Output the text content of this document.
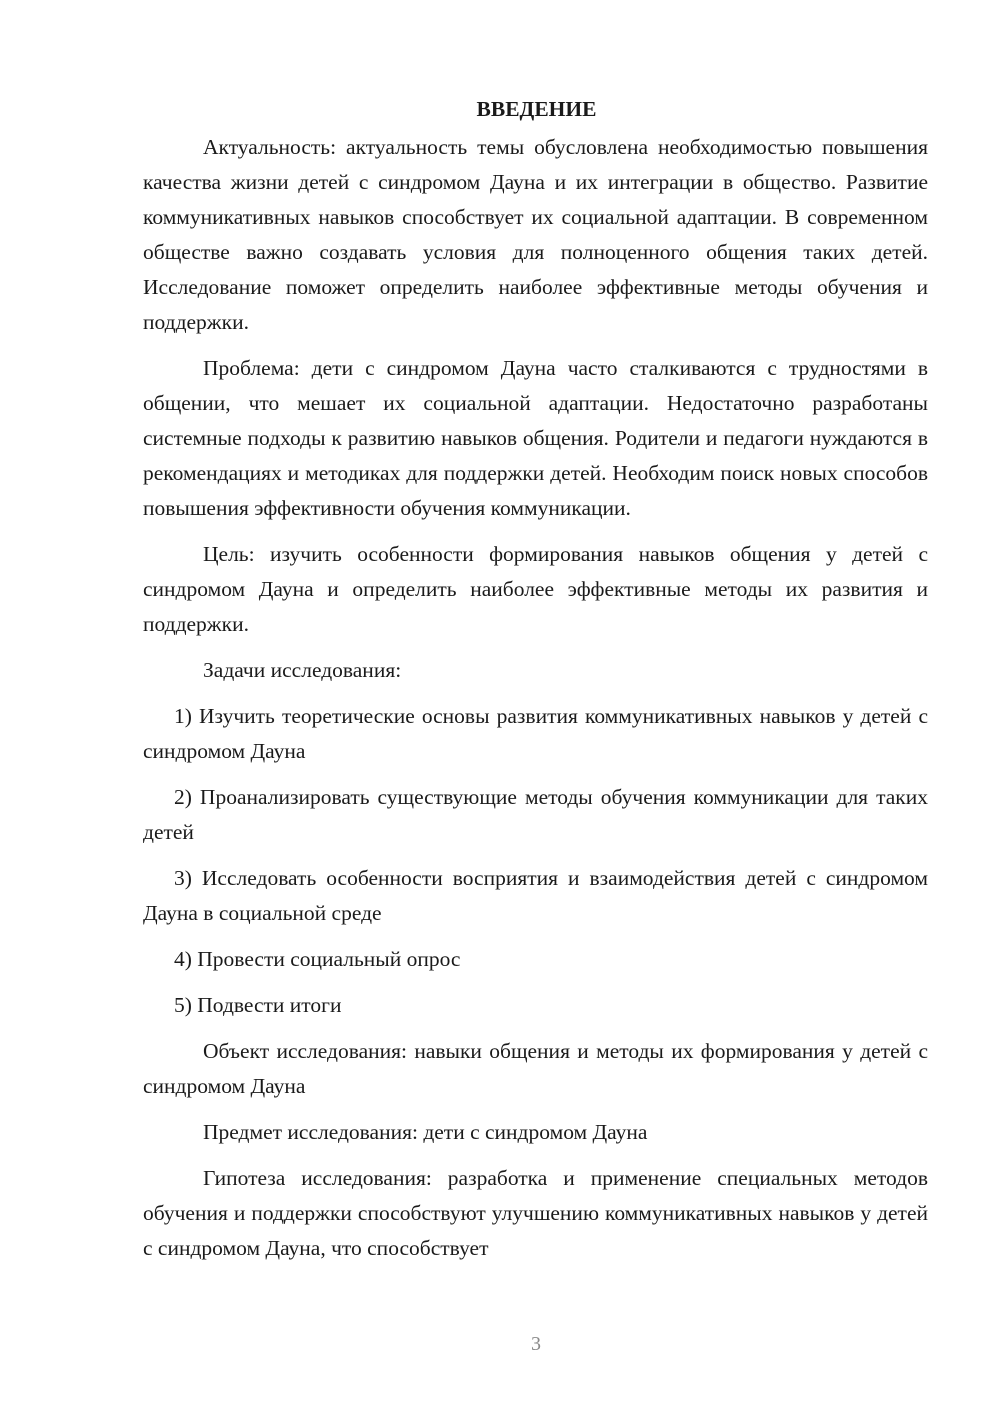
ВВЕДЕНИЕ

Актуальность: актуальность темы обусловлена необходимостью повышения качества жизни детей с синдромом Дауна и их интеграции в общество. Развитие коммуникативных навыков способствует их социальной адаптации. В современном обществе важно создавать условия для полноценного общения таких детей. Исследование поможет определить наиболее эффективные методы обучения и поддержки.

Проблема: дети с синдромом Дауна часто сталкиваются с трудностями в общении, что мешает их социальной адаптации. Недостаточно разработаны системные подходы к развитию навыков общения. Родители и педагоги нуждаются в рекомендациях и методиках для поддержки детей. Необходим поиск новых способов повышения эффективности обучения коммуникации.

Цель: изучить особенности формирования навыков общения у детей с синдромом Дауна и определить наиболее эффективные методы их развития и поддержки.

Задачи исследования:

1) Изучить теоретические основы развития коммуникативных навыков у детей с синдромом Дауна

2) Проанализировать существующие методы обучения коммуникации для таких детей

3) Исследовать особенности восприятия и взаимодействия детей с синдромом Дауна в социальной среде

4) Провести социальный опрос

5) Подвести итоги

Объект исследования: навыки общения и методы их формирования у детей с синдромом Дауна

Предмет исследования: дети с синдромом Дауна

Гипотеза исследования: разработка и применение специальных методов обучения и поддержки способствуют улучшению коммуникативных навыков у детей с синдромом Дауна, что способствует

3
